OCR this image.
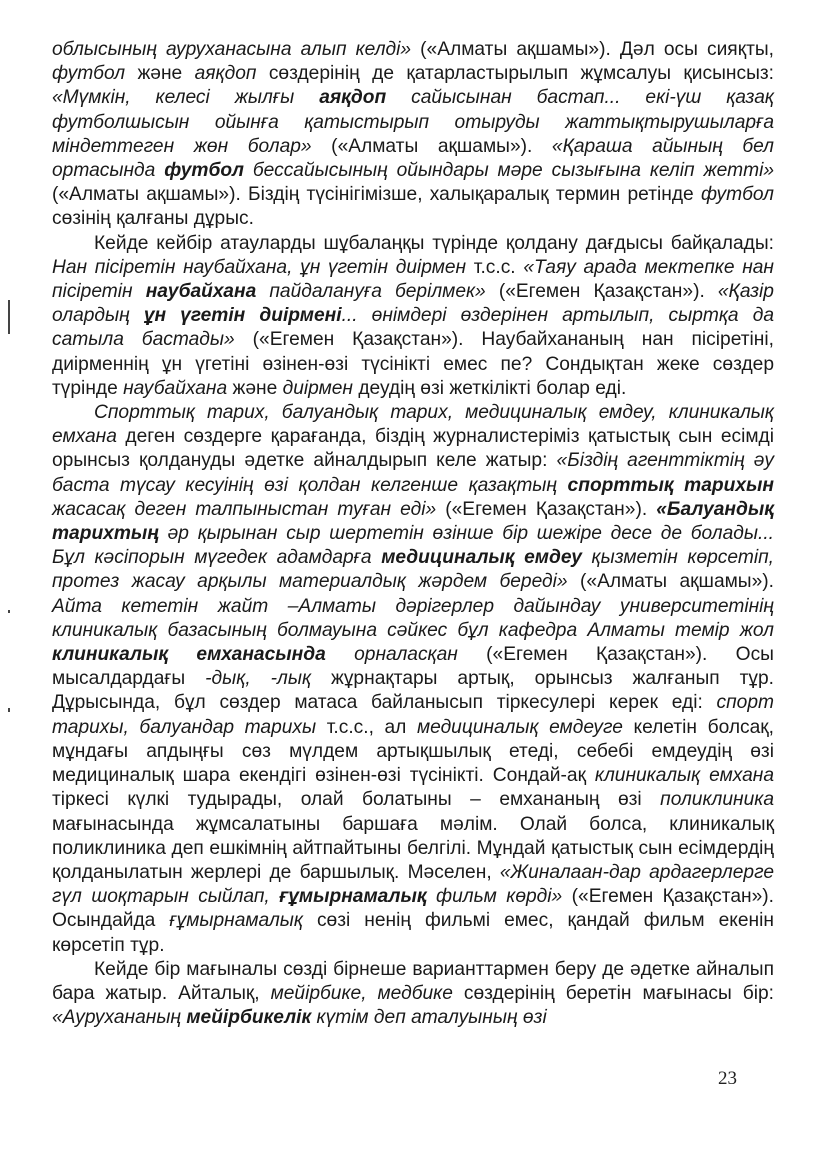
облысының ауруханасына алып келді» («Алматы ақшамы»). Дәл осы сияқты, футбол және аяқдоп сөздерінің де қатарластырылып жұмсалуы қисынсыз: «Мүмкін, келесі жылғы аяқдоп сайысынан бастап... екі-үш қазақ футболшысын ойынға қатыстырып отыруды жаттықтырушыларға міндеттеген жөн болар» («Алматы ақшамы»). «Қараша айының бел ортасында футбол бессайысының ойындары мәре сызығына келіп жетті» («Алматы ақшамы»). Біздің түсінігімізше, халықаралық термин ретінде футбол сөзінің қалғаны дұрыс.

Кейде кейбір атауларды шұбалаңқы түрінде қолдану дағдысы байқалады: Нан пісіретін наубайхана, ұн үгетін диірмен т.с.с. «Таяу арада мектепке нан пісіретін наубайхана пайдалануға берілмек» («Егемен Қазақстан»). «Қазір олардың ұн үгетін диірмені... өнімдері өздерінен артылып, сыртқа да сатыла бастады» («Егемен Қазақстан»). Наубайхананың нан пісіретіні, диірменнің ұн үгетіні өзінен-өзі түсінікті емес пе? Сондықтан жеке сөздер түрінде наубайхана және диірмен деудің өзі жеткілікті болар еді.

Спорттық тарих, балуандық тарих, медициналық емдеу, клиникалық емхана деген сөздерге қарағанда, біздің журналистеріміз қатыстық сын есімді орынсыз қолдануды әдетке айналдырып келе жатыр: «Біздің агенттіктің әу баста түсау кесуінің өзі қолдан келгенше қазақтың спорттық тарихын жасасақ деген талпыныстан туған еді» («Егемен Қазақстан»). «Балуандық тарихтың әр қырынан сыр шертетін өзінше бір шежіре десе де болады... Бұл кәсіпорын мүгедек адамдарға медициналық емдеу қызметін көрсетіп, протез жасау арқылы материалдық жәрдем береді» («Алматы ақшамы»). Айта кететін жайт –Алматы дәрігерлер дайындау университетінің клиникалық базасының болмауына сәйкес бұл кафедра Алматы темір жол клиникалық емханасында орналасқан («Егемен Қазақстан»). Осы мысалдардағы -дық, -лық жұрнақтары артық, орынсыз жалғанып тұр. Дұрысында, бұл сөздер матаса байланысып тіркесулері керек еді: спорт тарихы, балуандар тарихы т.с.с., ал медициналық емдеуге келетін болсақ, мұндағы апдыңғы сөз мүлдем артықшылық етеді, себебі емдеудің өзі медициналық шара екендігі өзінен-өзі түсінікті. Сондай-ақ клиникалық емхана тіркесі күлкі тудырады, олай болатыны – емхананың өзі поликлиника мағынасында жұмсалатыны баршаға мәлім. Олай болса, клиникалық поликлиника деп ешкімнің айтпайтыны белгілі. Мұндай қатыстық сын есімдердің қолданылатын жерлері де баршылық. Мәселен, «Жиналаан-дар ардагерлерге гүл шоқтарын сыйлап, ғұмырнамалық фильм көрді» («Егемен Қазақстан»). Осындайда ғұмырнамалық сөзі ненің фильмі емес, қандай фильм екенін көрсетіп тұр.

Кейде бір мағыналы сөзді бірнеше варианттармен беру де әдетке айналып бара жатыр. Айталық, мейірбике, медбике сөздерінің беретін мағынасы бір: «Аурухананың мейірбикелік күтім деп аталуының өзі

23
